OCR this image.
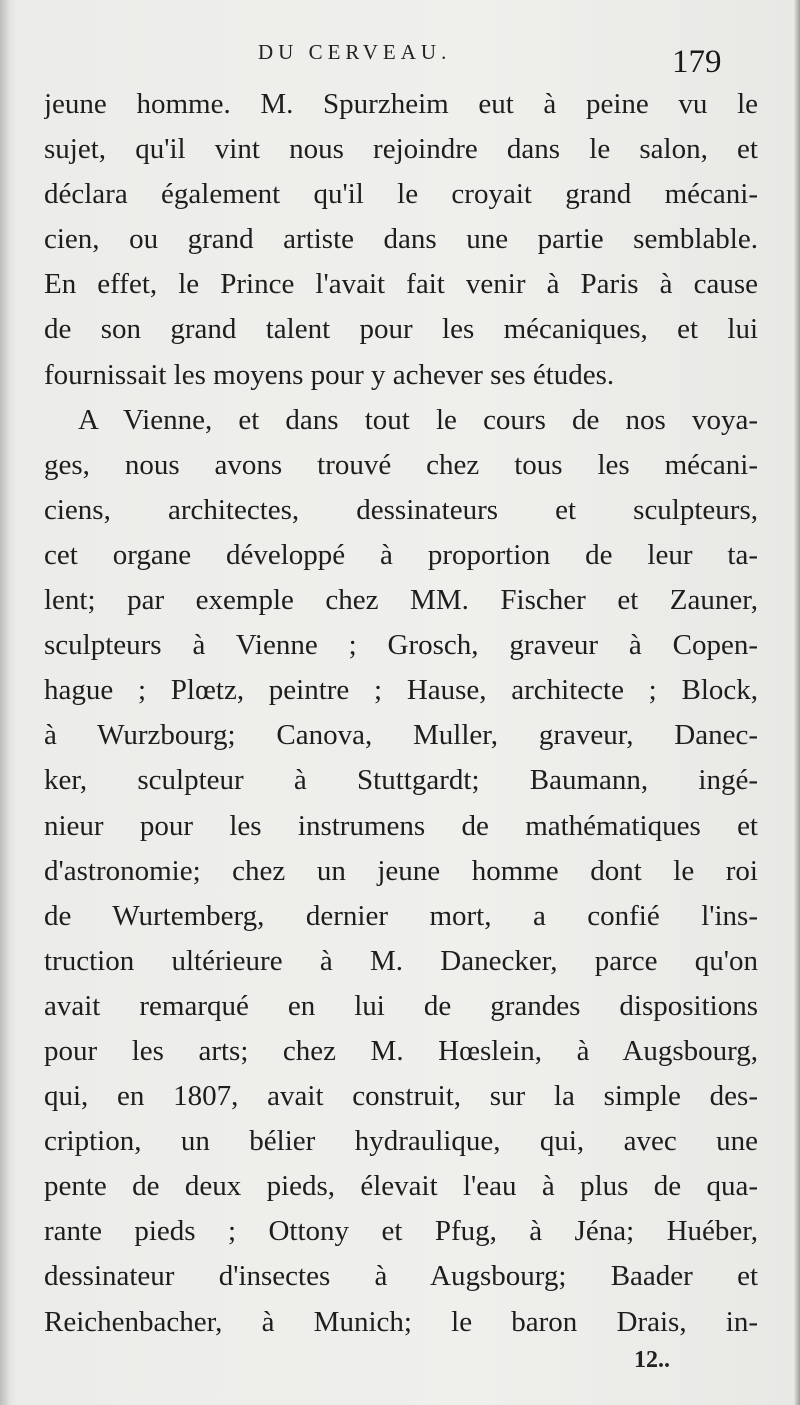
DU CERVEAU.	179
jeune homme. M. Spurzheim eut à peine vu le
sujet, qu'il vint nous rejoindre dans le salon, et
déclara également qu'il le croyait grand mécani-
cien, ou grand artiste dans une partie semblable.
En effet, le Prince l'avait fait venir à Paris à cause
de son grand talent pour les mécaniques, et lui
fournissait les moyens pour y achever ses études.
A Vienne, et dans tout le cours de nos voya-
ges, nous avons trouvé chez tous les mécani-
ciens, architectes, dessinateurs et sculpteurs,
cet organe développé à proportion de leur ta-
lent; par exemple chez MM. Fischer et Zauner,
sculpteurs à Vienne ; Grosch, graveur à Copen-
hague ; Plœtz, peintre ; Hause, architecte ; Block,
à Wurzbourg; Canova, Muller, graveur, Danec-
ker, sculpteur à Stuttgardt; Baumann, ingé-
nieur pour les instrumens de mathématiques et
d'astronomie; chez un jeune homme dont le roi
de Wurtemberg, dernier mort, a confié l'ins-
truction ultérieure à M. Danecker, parce qu'on
avait remarqué en lui de grandes dispositions
pour les arts; chez M. Hœslein, à Augsbourg,
qui, en 1807, avait construit, sur la simple des-
cription, un bélier hydraulique, qui, avec une
pente de deux pieds, élevait l'eau à plus de qua-
rante pieds ; Ottony et Pfug, à Jéna; Huéber,
dessinateur d'insectes à Augsbourg; Baader et
Reichenbacher, à Munich; le baron Drais, in-
12..
